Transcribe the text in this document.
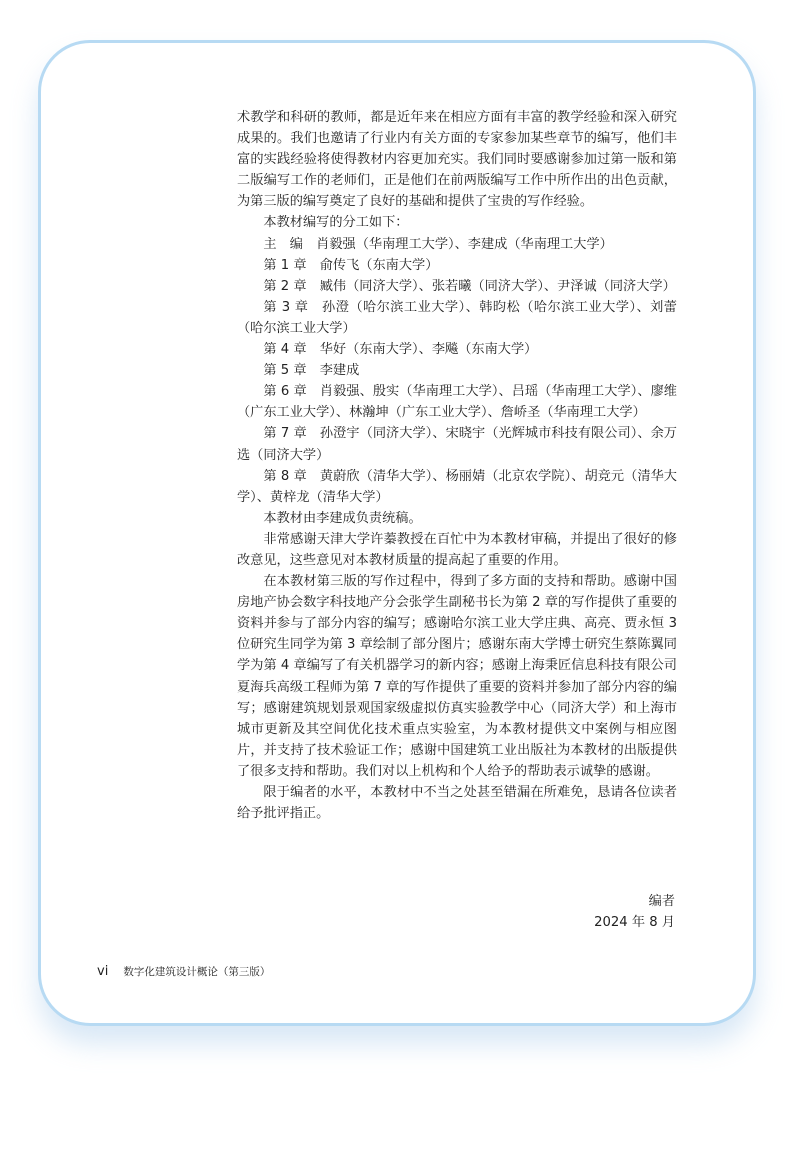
术教学和科研的教师，都是近年来在相应方面有丰富的教学经验和深入研究成果的。我们也邀请了行业内有关方面的专家参加某些章节的编写，他们丰富的实践经验将使得教材内容更加充实。我们同时要感谢参加过第一版和第二版编写工作的老师们，正是他们在前两版编写工作中所作出的出色贡献，为第三版的编写奠定了良好的基础和提供了宝贵的写作经验。

本教材编写的分工如下：

主　编　肖毅强（华南理工大学）、李建成（华南理工大学）

第 1 章　俞传飞（东南大学）

第 2 章　臧伟（同济大学）、张若曦（同济大学）、尹泽诚（同济大学）

第 3 章　孙澄（哈尔滨工业大学）、韩昀松（哈尔滨工业大学）、刘蕾（哈尔滨工业大学）

第 4 章　华好（东南大学）、李飚（东南大学）

第 5 章　李建成

第 6 章　肖毅强、殷实（华南理工大学）、吕瑶（华南理工大学）、廖维（广东工业大学）、林瀚坤（广东工业大学）、詹峤圣（华南理工大学）

第 7 章　孙澄宇（同济大学）、宋晓宇（光辉城市科技有限公司）、余万选（同济大学）

第 8 章　黄蔚欣（清华大学）、杨丽婧（北京农学院）、胡竞元（清华大学）、黄梓龙（清华大学）

本教材由李建成负责统稿。

非常感谢天津大学许蓁教授在百忙中为本教材审稿，并提出了很好的修改意见，这些意见对本教材质量的提高起了重要的作用。

在本教材第三版的写作过程中，得到了多方面的支持和帮助。感谢中国房地产协会数字科技地产分会张学生副秘书长为第 2 章的写作提供了重要的资料并参与了部分内容的编写；感谢哈尔滨工业大学庄典、高亮、贾永恒 3 位研究生同学为第 3 章绘制了部分图片；感谢东南大学博士研究生蔡陈翼同学为第 4 章编写了有关机器学习的新内容；感谢上海秉匠信息科技有限公司夏海兵高级工程师为第 7 章的写作提供了重要的资料并参加了部分内容的编写；感谢建筑规划景观国家级虚拟仿真实验教学中心（同济大学）和上海市城市更新及其空间优化技术重点实验室，为本教材提供文中案例与相应图片，并支持了技术验证工作；感谢中国建筑工业出版社为本教材的出版提供了很多支持和帮助。我们对以上机构和个人给予的帮助表示诚挚的感谢。

限于编者的水平，本教材中不当之处甚至错漏在所难免，恳请各位读者给予批评指正。

编者
2024 年 8 月
vi 数字化建筑设计概论（第三版）
